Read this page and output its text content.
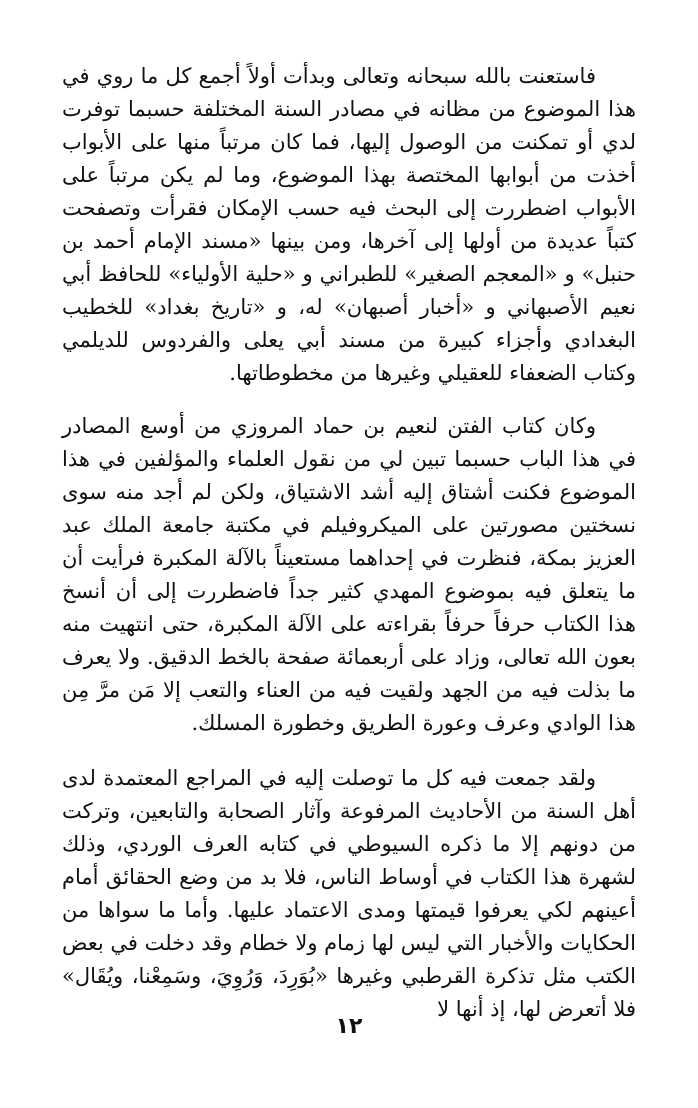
فاستعنت بالله سبحانه وتعالى وبدأت أولاً أجمع كل ما روي في هذا الموضوع من مظانه في مصادر السنة المختلفة حسبما توفرت لدي أو تمكنت من الوصول إليها، فما كان مرتباً منها على الأبواب أخذت من أبوابها المختصة بهذا الموضوع، وما لم يكن مرتباً على الأبواب اضطررت إلى البحث فيه حسب الإمكان فقرأت وتصفحت كتباً عديدة من أولها إلى آخرها، ومن بينها «مسند الإمام أحمد بن حنبل» و «المعجم الصغير» للطبراني و «حلية الأولياء» للحافظ أبي نعيم الأصبهاني و «أخبار أصبهان» له، و «تاريخ بغداد» للخطيب البغدادي وأجزاء كبيرة من مسند أبي يعلى والفردوس للديلمي وكتاب الضعفاء للعقيلي وغيرها من مخطوطاتها.

وكان كتاب الفتن لنعيم بن حماد المروزي من أوسع المصادر في هذا الباب حسبما تبين لي من نقول العلماء والمؤلفين في هذا الموضوع فكنت أشتاق إليه أشد الاشتياق، ولكن لم أجد منه سوى نسختين مصورتين على الميكروفيلم في مكتبة جامعة الملك عبد العزيز بمكة، فنظرت في إحداهما مستعيناً بالآلة المكبرة فرأيت أن ما يتعلق فيه بموضوع المهدي كثير جداً فاضطررت إلى أن أنسخ هذا الكتاب حرفاً حرفاً بقراءته على الآلة المكبرة، حتى انتهيت منه بعون الله تعالى، وزاد على أربعمائة صفحة بالخط الدقيق. ولا يعرف ما بذلت فيه من الجهد ولقيت فيه من العناء والتعب إلا مَن مرَّ مِن هذا الوادي وعرف وعورة الطريق وخطورة المسلك.

ولقد جمعت فيه كل ما توصلت إليه في المراجع المعتمدة لدى أهل السنة من الأحاديث المرفوعة وآثار الصحابة والتابعين، وتركت من دونهم إلا ما ذكره السيوطي في كتابه العرف الوردي، وذلك لشهرة هذا الكتاب في أوساط الناس، فلا بد من وضع الحقائق أمام أعينهم لكي يعرفوا قيمتها ومدى الاعتماد عليها. وأما ما سواها من الحكايات والأخبار التي ليس لها زمام ولا خطام وقد دخلت في بعض الكتب مثل تذكرة القرطبي وغيرها «بُوَرِدَ، وَرُوِيَ، وسَمِعْنا، ويُقَال» فلا أتعرض لها، إذ أنها لا

١٢
